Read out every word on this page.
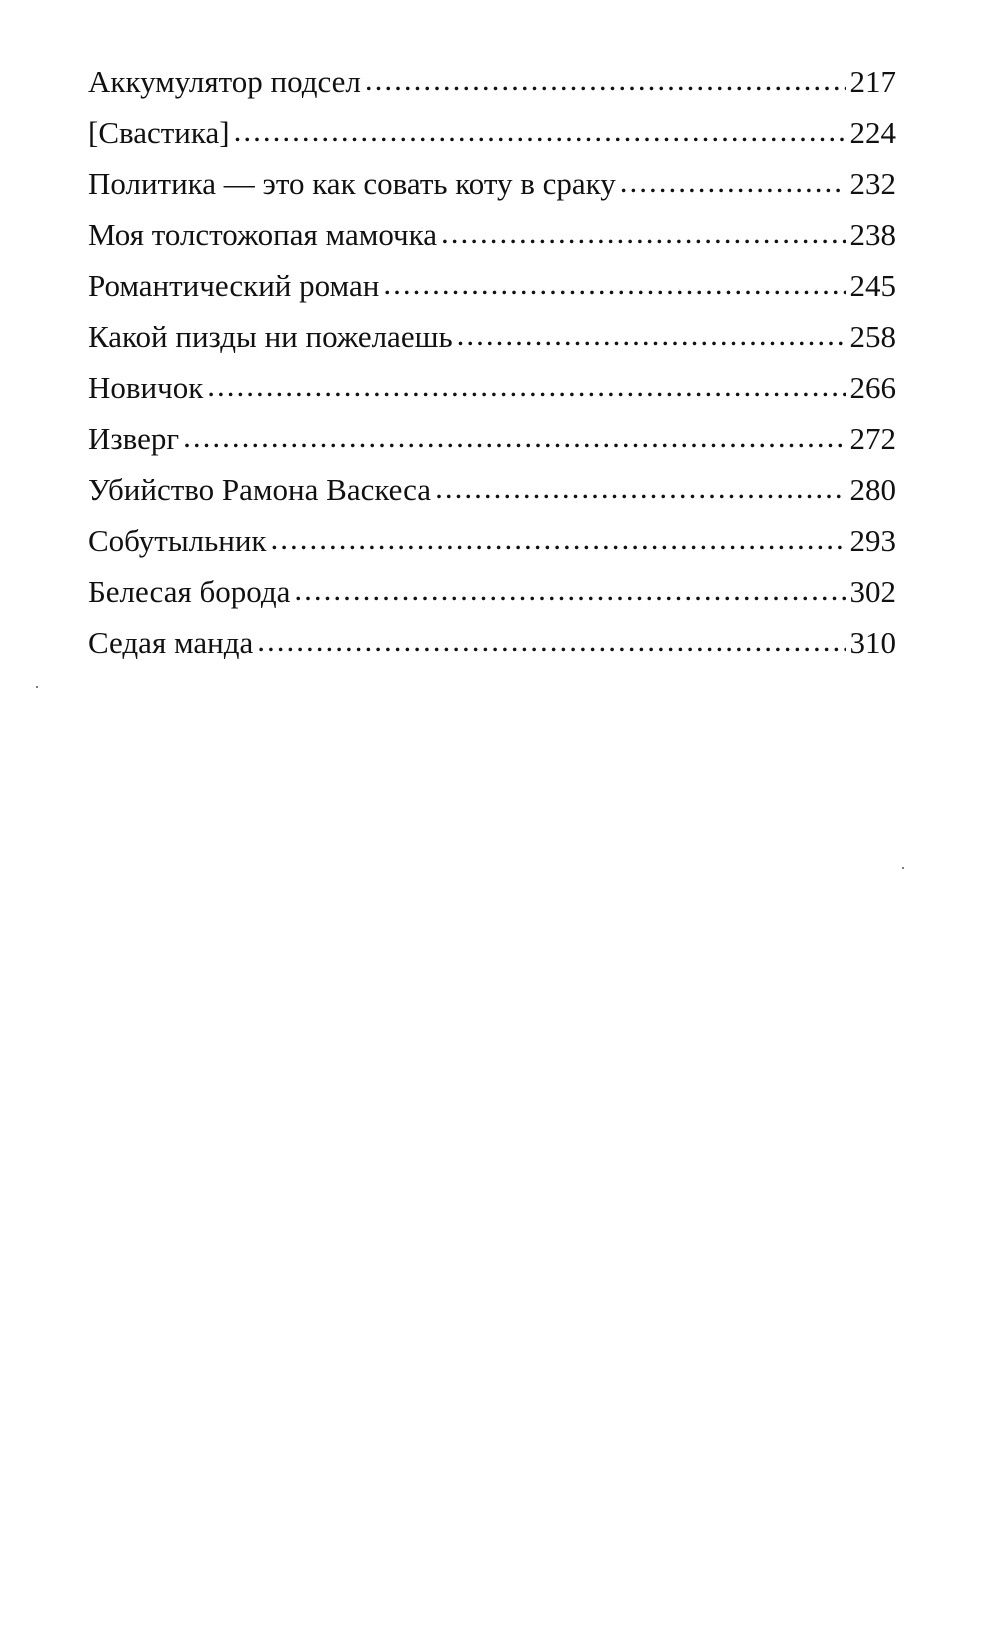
Аккумулятор подсел .....	217
[Свастика] .....	224
Политика — это как совать коту в сраку .....	232
Моя толстожопая мамочка .....	238
Романтический роман .....	245
Какой пизды ни пожелаешь .....	258
Новичок .....	266
Изверг .....	272
Убийство Рамона Васкеса .....	280
Собутыльник .....	293
Белесая борода .....	302
Седая манда .....	310
